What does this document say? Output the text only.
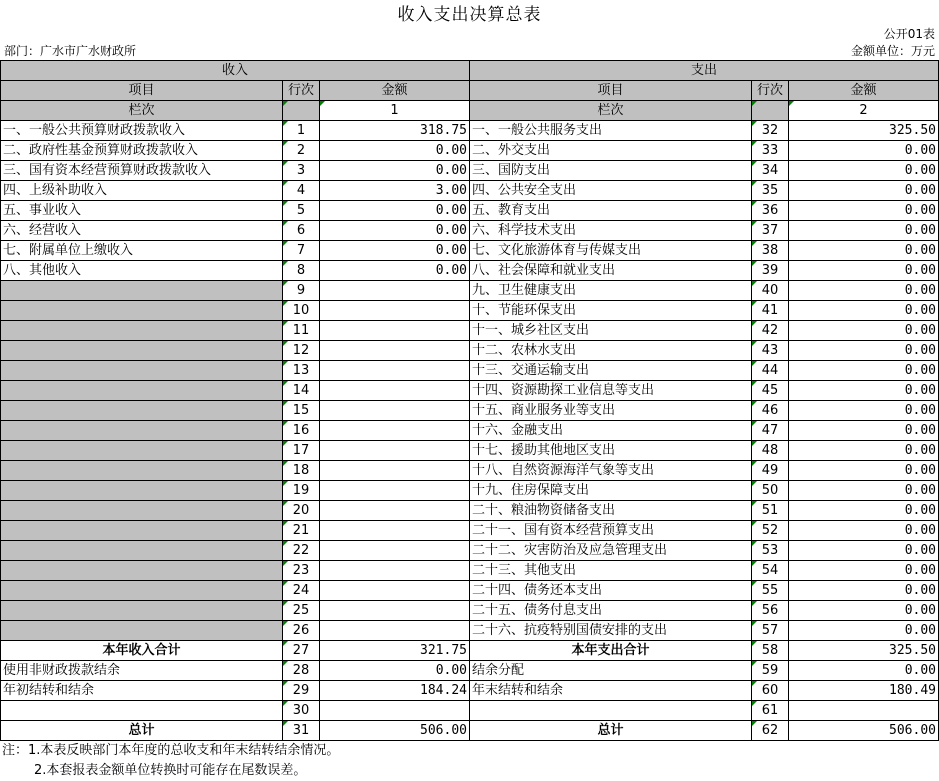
收入支出决算总表
公开01表
部门：广水市广水财政所	金额单位：万元
收入			支出		
项目	行次	金额	项目	行次	金额
栏次		1	栏次		2
一、一般公共预算财政拨款收入	1	318.75	一、一般公共服务支出	32	325.50
二、政府性基金预算财政拨款收入	2	0.00	二、外交支出	33	0.00
三、国有资本经营预算财政拨款收入	3	0.00	三、国防支出	34	0.00
四、上级补助收入	4	3.00	四、公共安全支出	35	0.00
五、事业收入	5	0.00	五、教育支出	36	0.00
六、经营收入	6	0.00	六、科学技术支出	37	0.00
七、附属单位上缴收入	7	0.00	七、文化旅游体育与传媒支出	38	0.00
八、其他收入	8	0.00	八、社会保障和就业支出	39	0.00
	9		九、卫生健康支出	40	0.00
	10		十、节能环保支出	41	0.00
	11		十一、城乡社区支出	42	0.00
	12		十二、农林水支出	43	0.00
	13		十三、交通运输支出	44	0.00
	14		十四、资源勘探工业信息等支出	45	0.00
	15		十五、商业服务业等支出	46	0.00
	16		十六、金融支出	47	0.00
	17		十七、援助其他地区支出	48	0.00
	18		十八、自然资源海洋气象等支出	49	0.00
	19		十九、住房保障支出	50	0.00
	20		二十、粮油物资储备支出	51	0.00
	21		二十一、国有资本经营预算支出	52	0.00
	22		二十二、灾害防治及应急管理支出	53	0.00
	23		二十三、其他支出	54	0.00
	24		二十四、债务还本支出	55	0.00
	25		二十五、债务付息支出	56	0.00
	26		二十六、抗疫特别国债安排的支出	57	0.00
本年收入合计	27	321.75	本年支出合计	58	325.50
使用非财政拨款结余	28	0.00	结余分配	59	0.00
年初结转和结余	29	184.24	年末结转和结余	60	180.49
	30			61	
总计	31	506.00	总计	62	506.00
注：1.本表反映部门本年度的总收支和年末结转结余情况。
2.本套报表金额单位转换时可能存在尾数误差。
